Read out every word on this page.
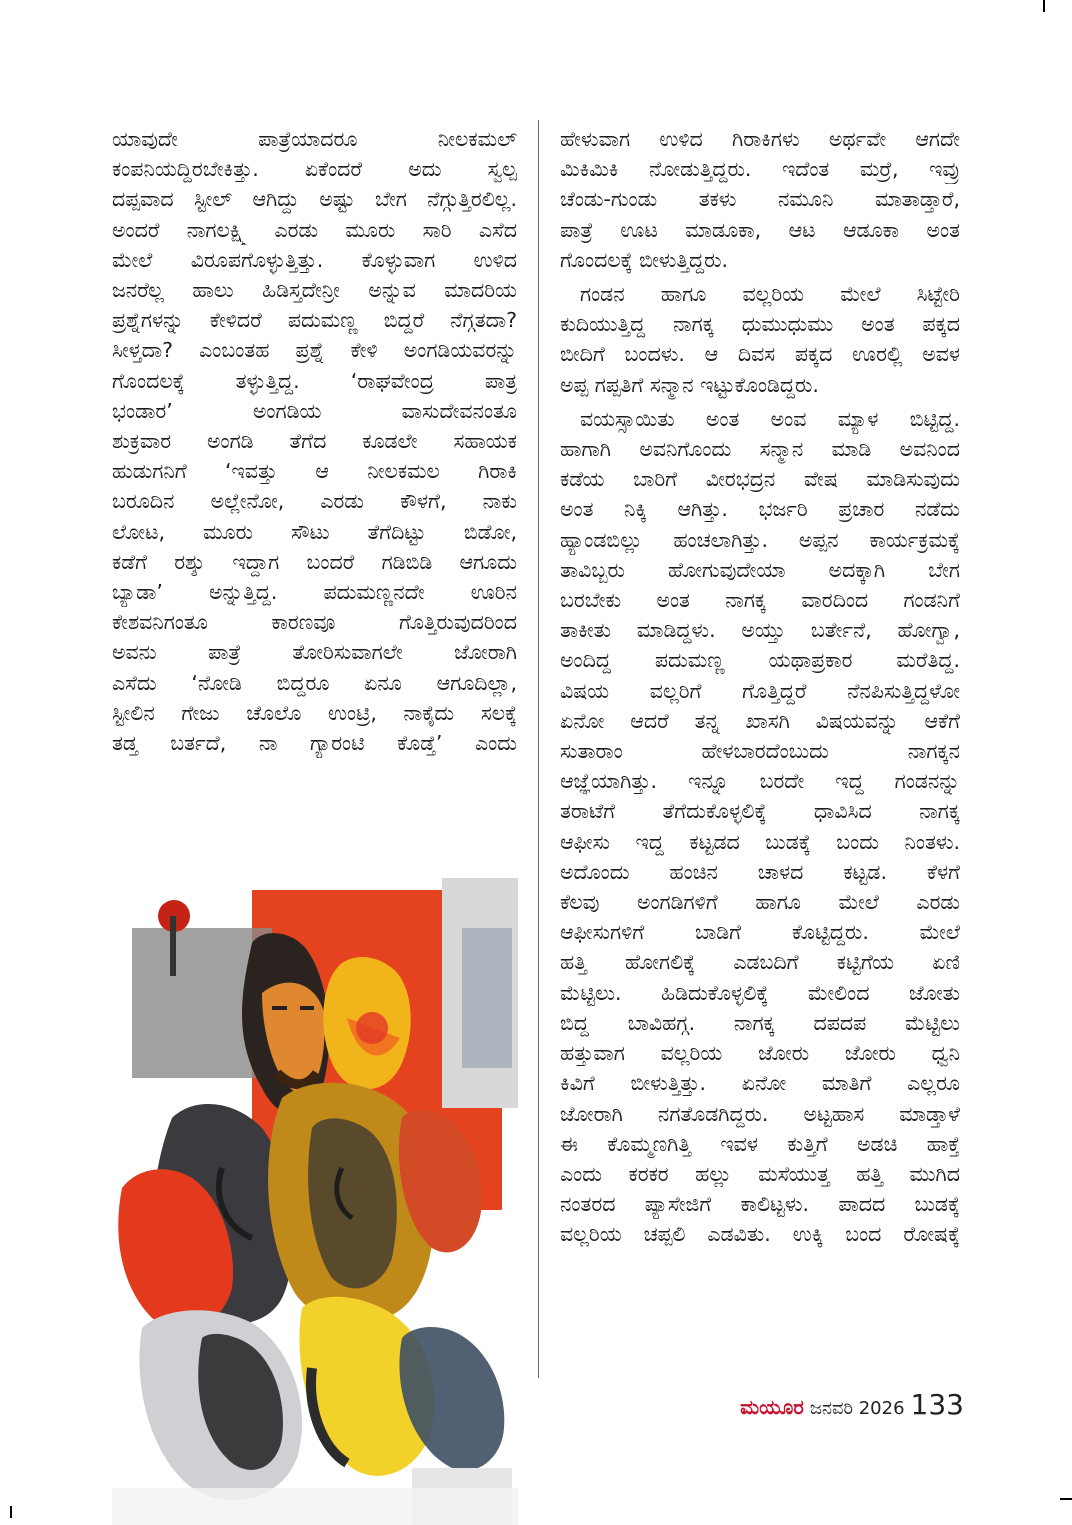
ಯಾವುದೇ ಪಾತ್ರೆಯಾದರೂ ನೀಲಕಮಲ್
ಕಂಪನಿಯದ್ದಿರಬೇಕಿತ್ತು. ಏಕೆಂದರೆ ಅದು ಸ್ವಲ್ಪ
ದಪ್ಪವಾದ ಸ್ಟೀಲ್ ಆಗಿದ್ದು ಅಷ್ಟು ಬೇಗ ನೆಗ್ಗುತ್ತಿರಲಿಲ್ಲ.
ಅಂದರೆ ನಾಗಲಕ್ಷ್ಮಿ ಎರಡು ಮೂರು ಸಾರಿ ಎಸೆದ
ಮೇಲೆ ವಿರೂಪಗೊಳ್ಳುತ್ತಿತ್ತು. ಕೊಳ್ಳುವಾಗ ಉಳಿದ
ಜನರೆಲ್ಲ ಹಾಲು ಹಿಡಿಸ್ತದೇನ್ರೀ ಅನ್ನುವ ಮಾದರಿಯ
ಪ್ರಶ್ನೆಗಳನ್ನು ಕೇಳಿದರೆ ಪದುಮಣ್ಣ ಬಿದ್ದರೆ ನೆಗ್ಗತದಾ?
ಸೀಳ್ತದಾ? ಎಂಬಂತಹ ಪ್ರಶ್ನೆ ಕೇಳಿ ಅಂಗಡಿಯವರನ್ನು
ಗೊಂದಲಕ್ಕೆ ತಳ್ಳುತ್ತಿದ್ದ. ‘ರಾಘವೇಂದ್ರ ಪಾತ್ರ
ಭಂಡಾರ’ ಅಂಗಡಿಯ ವಾಸುದೇವನಂತೂ
ಶುಕ್ರವಾರ ಅಂಗಡಿ ತೆಗೆದ ಕೂಡಲೇ ಸಹಾಯಕ
ಹುಡುಗನಿಗೆ ‘ಇವತ್ತು ಆ ನೀಲಕಮಲ ಗಿರಾಕಿ
ಬರೂದಿನ ಅಲ್ಲೇನೋ, ಎರಡು ಕೌಳಗೆ, ನಾಕು
ಲೋಟ, ಮೂರು ಸೌಟು ತೆಗೆದಿಟ್ಟು ಬಿಡೋ,
ಕಡೆಗೆ ರಶ್ಶು ಇದ್ದಾಗ ಬಂದರೆ ಗಡಿಬಿಡಿ ಆಗೂದು
ಬ್ಯಾಡಾ’ ಅನ್ನುತ್ತಿದ್ದ. ಪದುಮಣ್ಣನದೇ ಊರಿನ
ಕೇಶವನಿಗಂತೂ ಕಾರಣವೂ ಗೊತ್ತಿರುವುದರಿಂದ
ಅವನು ಪಾತ್ರೆ ತೋರಿಸುವಾಗಲೇ ಜೋರಾಗಿ
ಎಸೆದು ‘ನೋಡಿ ಬಿದ್ದರೂ ಏನೂ ಆಗೂದಿಲ್ಲಾ,
ಸ್ಟೀಲಿನ ಗೇಜು ಚೊಲೊ ಉಂಟ್ರಿ, ನಾಕೈದು ಸಲಕ್ಕೆ
ತಡ್ತ ಬರ್ತದೆ, ನಾ ಗ್ಯಾರಂಟಿ ಕೊಡ್ತೆ’ ಎಂದು
ಹೇಳುವಾಗ ಉಳಿದ ಗಿರಾಕಿಗಳು ಅರ್ಥವೇ ಆಗದೇ
ಮಿಕಿಮಿಕಿ ನೋಡುತ್ತಿದ್ದರು. ಇದೆಂತ ಮರ್ರೆ, ಇವ್ರು
ಚೆಂಡು-ಗುಂಡು ತಕಳು ನಮೂನಿ ಮಾತಾಡ್ತಾರೆ,
ಪಾತ್ರೆ ಊಟ ಮಾಡೂಕಾ, ಆಟ ಆಡೂಕಾ ಅಂತ
ಗೊಂದಲಕ್ಕೆ ಬೀಳುತ್ತಿದ್ದರು.
ಗಂಡನ ಹಾಗೂ ವಲ್ಲರಿಯ ಮೇಲೆ ಸಿಟ್ಟೇರಿ
ಕುದಿಯುತ್ತಿದ್ದ ನಾಗಕ್ಕ ಧುಮುಧುಮು ಅಂತ ಪಕ್ಕದ
ಬೀದಿಗೆ ಬಂದಳು. ಆ ದಿವಸ ಪಕ್ಕದ ಊರಲ್ಲಿ ಅವಳ
ಅಪ್ಪ ಗಪ್ಪತಿಗೆ ಸನ್ಮಾನ ಇಟ್ಟುಕೊಂಡಿದ್ದರು.
ವಯಸ್ಸಾಯಿತು ಅಂತ ಅಂವ ಮ್ಯಾಳ ಬಿಟ್ಟಿದ್ದ.
ಹಾಗಾಗಿ ಅವನಿಗೊಂದು ಸನ್ಮಾನ ಮಾಡಿ ಅವನಿಂದ
ಕಡೆಯ ಬಾರಿಗೆ ವೀರಭದ್ರನ ವೇಷ ಮಾಡಿಸುವುದು
ಅಂತ ನಿಕ್ಕಿ ಆಗಿತ್ತು. ಭರ್ಜರಿ ಪ್ರಚಾರ ನಡೆದು
ಹ್ಯಾಂಡಬಿಲ್ಲು ಹಂಚಲಾಗಿತ್ತು. ಅಪ್ಪನ ಕಾರ್ಯಕ್ರಮಕ್ಕೆ
ತಾವಿಬ್ಬರು ಹೋಗುವುದೇಯಾ ಅದಕ್ಕಾಗಿ ಬೇಗ
ಬರಬೇಕು ಅಂತ ನಾಗಕ್ಕ ವಾರದಿಂದ ಗಂಡನಿಗೆ
ತಾಕೀತು ಮಾಡಿದ್ದಳು. ಅಯ್ತು ಬರ್ತೇನೆ, ಹೋಗ್ವಾ,
ಅಂದಿದ್ದ ಪದುಮಣ್ಣ ಯಥಾಪ್ರಕಾರ ಮರೆತಿದ್ದ.
ವಿಷಯ ವಲ್ಲರಿಗೆ ಗೊತ್ತಿದ್ದರೆ ನೆನಪಿಸುತ್ತಿದ್ದಳೋ
ಏನೋ ಆದರೆ ತನ್ನ ಖಾಸಗಿ ವಿಷಯವನ್ನು ಆಕೆಗೆ
ಸುತಾರಾಂ ಹೇಳಬಾರದೆಂಬುದು ನಾಗಕ್ಕನ
ಆಜ್ಞೆಯಾಗಿತ್ತು. ಇನ್ನೂ ಬರದೇ ಇದ್ದ ಗಂಡನನ್ನು
ತರಾಟೆಗೆ ತೆಗೆದುಕೊಳ್ಳಲಿಕ್ಕೆ ಧಾವಿಸಿದ ನಾಗಕ್ಕ
ಆಫೀಸು ಇದ್ದ ಕಟ್ಟಡದ ಬುಡಕ್ಕೆ ಬಂದು ನಿಂತಳು.
ಅದೊಂದು ಹಂಚಿನ ಚಾಳದ ಕಟ್ಟಡ. ಕೆಳಗೆ
ಕೆಲವು ಅಂಗಡಿಗಳಿಗೆ ಹಾಗೂ ಮೇಲೆ ಎರಡು
ಆಫೀಸುಗಳಿಗೆ ಬಾಡಿಗೆ ಕೊಟ್ಟಿದ್ದರು. ಮೇಲೆ
ಹತ್ತಿ ಹೋಗಲಿಕ್ಕೆ ಎಡಬದಿಗೆ ಕಟ್ಟಿಗೆಯ ಏಣಿ
ಮೆಟ್ಟಿಲು. ಹಿಡಿದುಕೊಳ್ಳಲಿಕ್ಕೆ ಮೇಲಿಂದ ಜೋತು
ಬಿದ್ದ ಬಾವಿಹಗ್ಗ. ನಾಗಕ್ಕ ದಪದಪ ಮೆಟ್ಟಿಲು
ಹತ್ತುವಾಗ ವಲ್ಲರಿಯ ಜೋರು ಜೋರು ಧ್ವನಿ
ಕಿವಿಗೆ ಬೀಳುತ್ತಿತ್ತು. ಏನೋ ಮಾತಿಗೆ ಎಲ್ಲರೂ
ಜೋರಾಗಿ ನಗತೊಡಗಿದ್ದರು. ಅಟ್ಟಹಾಸ ಮಾಡ್ತಾಳೆ
ಈ ಕೊಮ್ಮಣಗಿತ್ತಿ ಇವಳ ಕುತ್ತಿಗೆ ಅಡಚಿ ಹಾಕ್ತೆ
ಎಂದು ಕರಕರ ಹಲ್ಲು ಮಸೆಯುತ್ತ ಹತ್ತಿ ಮುಗಿದ
ನಂತರದ ಪ್ಯಾಸೇಜಿಗೆ ಕಾಲಿಟ್ಟಳು. ಪಾದದ ಬುಡಕ್ಕೆ
ವಲ್ಲರಿಯ ಚಪ್ಪಲಿ ಎಡವಿತು. ಉಕ್ಕಿ ಬಂದ ರೋಷಕ್ಕೆ
ಮಯೂರ ಜನವರಿ 2026 133
